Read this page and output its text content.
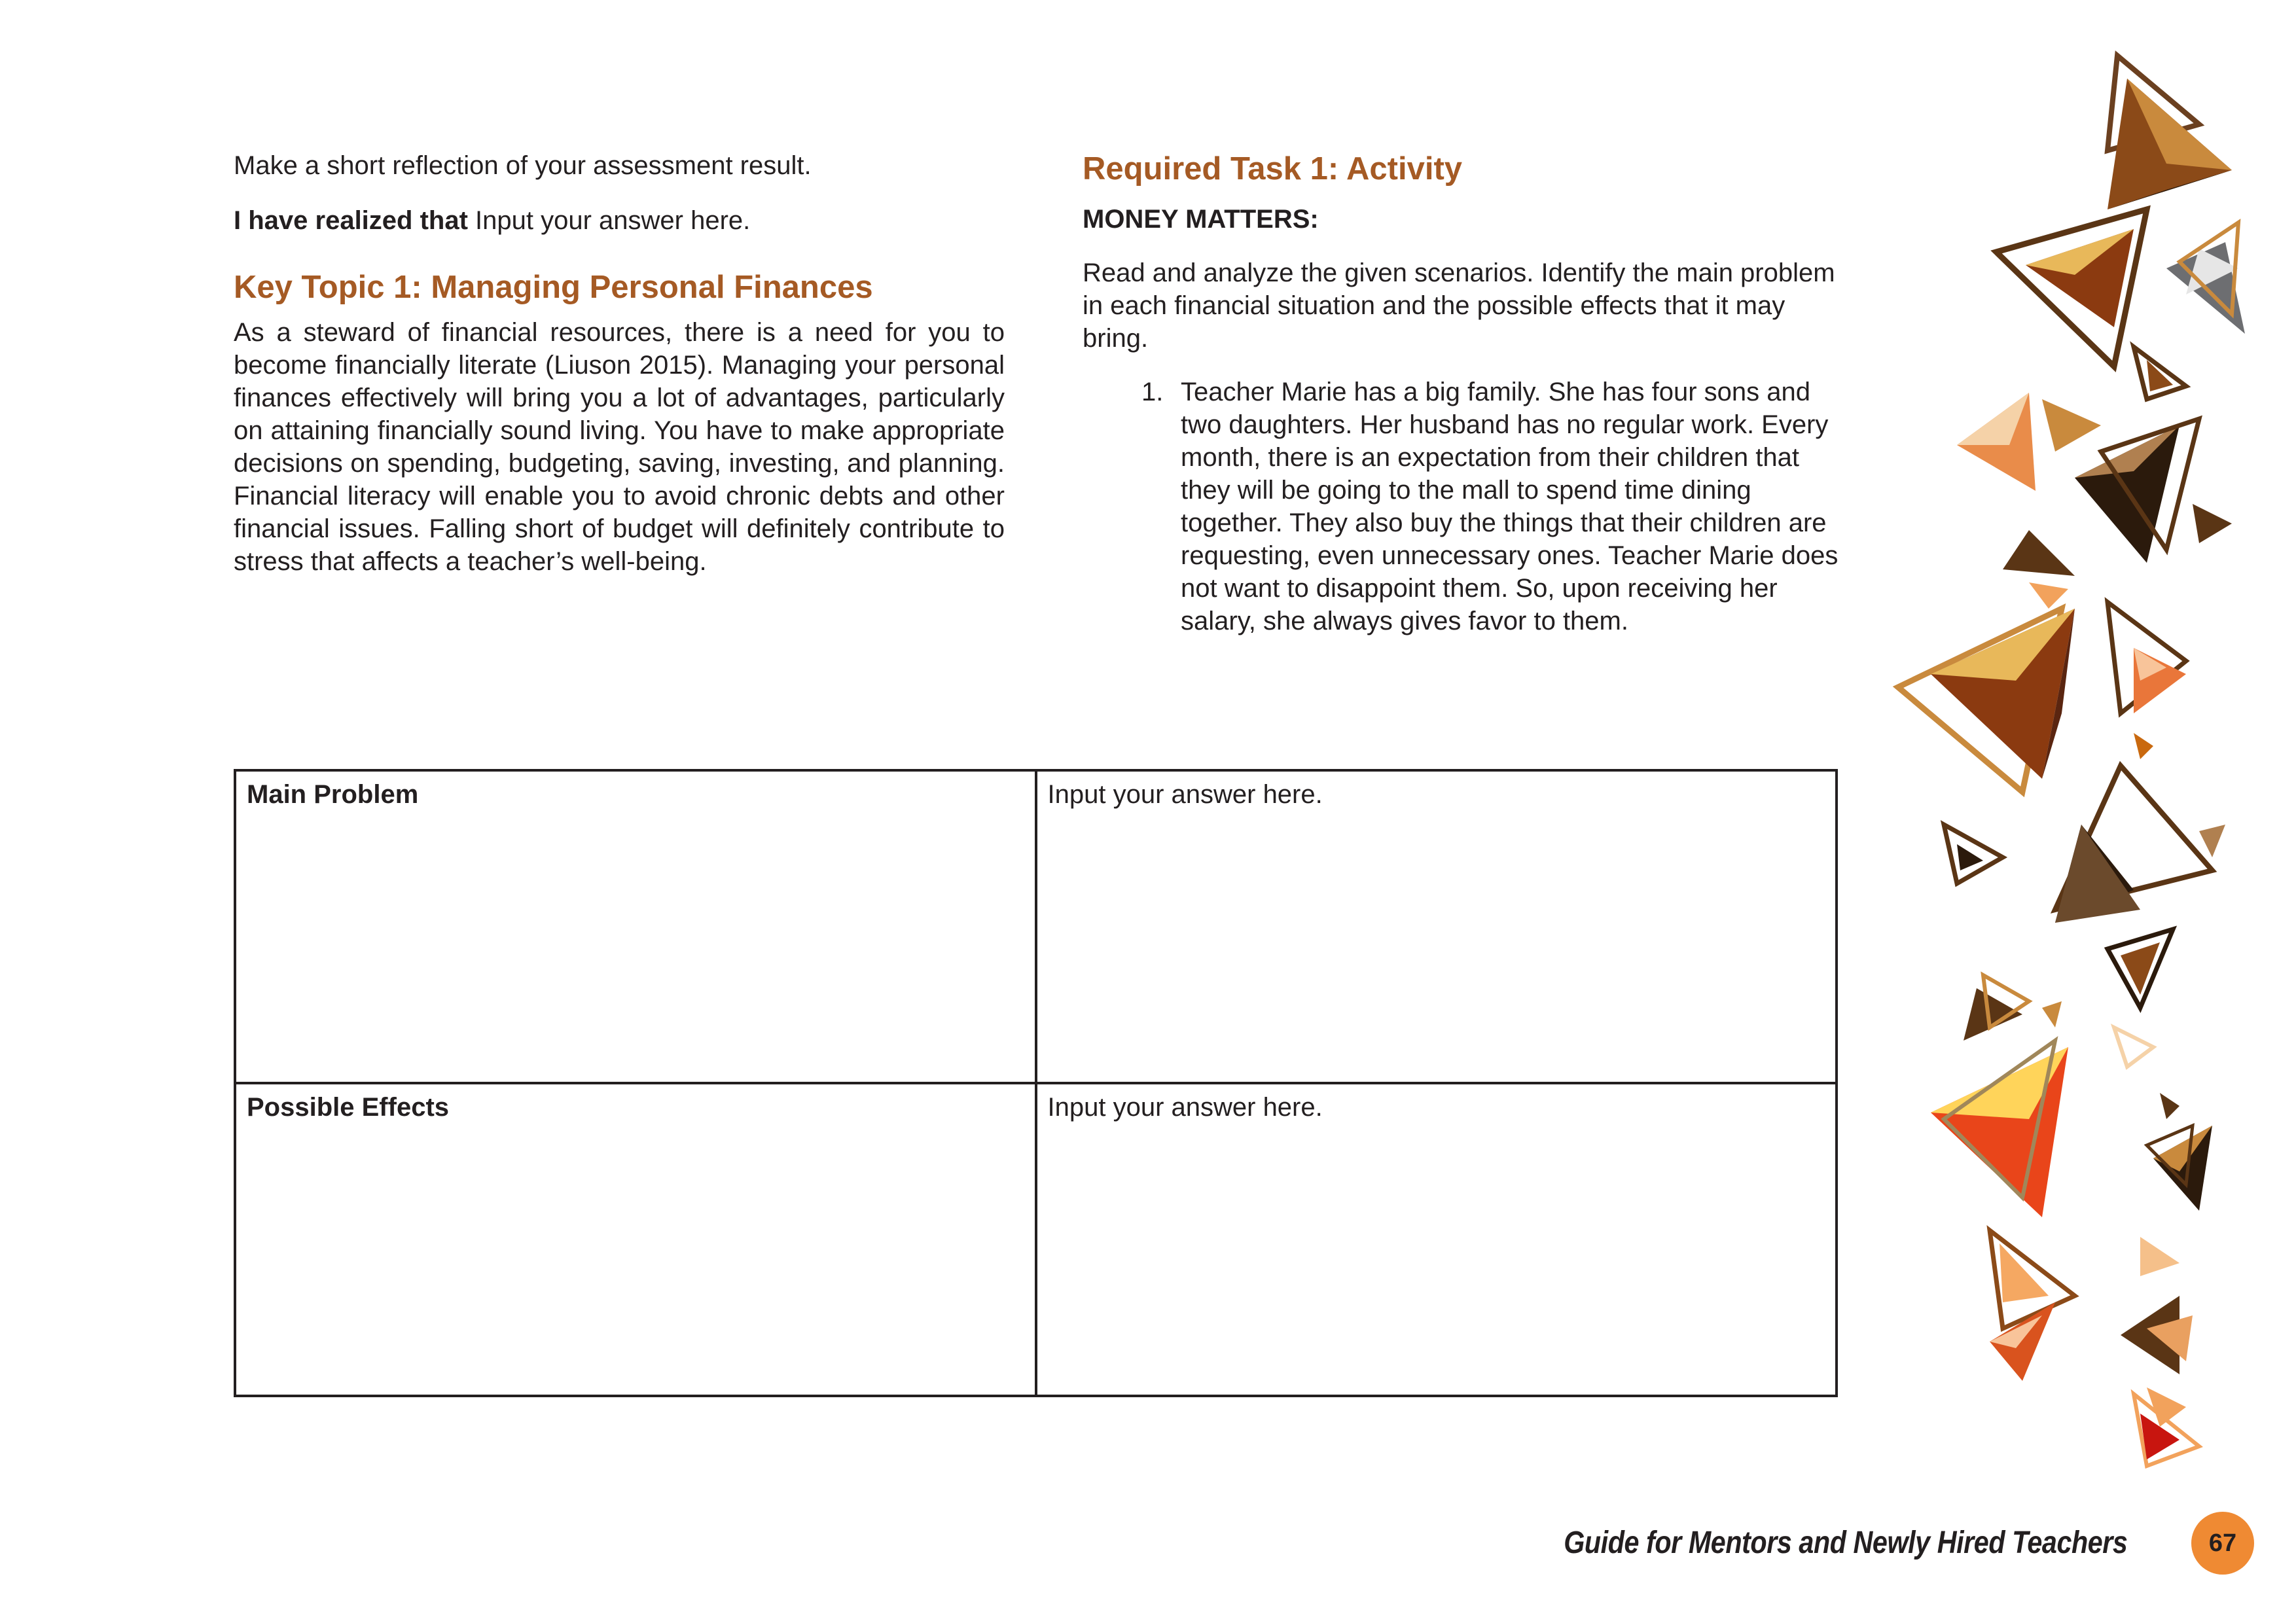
Make a short reflection of your assessment result.

I have realized that Input your answer here.

Key Topic 1: Managing Personal Finances

As a steward of financial resources, there is a need for you to become financially literate (Liuson 2015). Managing your personal finances effectively will bring you a lot of advantages, particularly on attaining financially sound living. You have to make appropriate decisions on spending, budgeting, saving, investing, and planning. Financial literacy will enable you to avoid chronic debts and other financial issues. Falling short of budget will definitely contribute to stress that affects a teacher’s well-being.

Required Task 1: Activity

MONEY MATTERS:

Read and analyze the given scenarios. Identify the main problem in each financial situation and the possible effects that it may bring.

1. Teacher Marie has a big family. She has four sons and two daughters. Her husband has no regular work. Every month, there is an expectation from their children that they will be going to the mall to spend time dining together. They also buy the things that their children are requesting, even unnecessary ones. Teacher Marie does not want to disappoint them. So, upon receiving her salary, she always gives favor to them.

Main Problem	Input your answer here.
Possible Effects	Input your answer here.
Guide for Mentors and Newly Hired Teachers	67
